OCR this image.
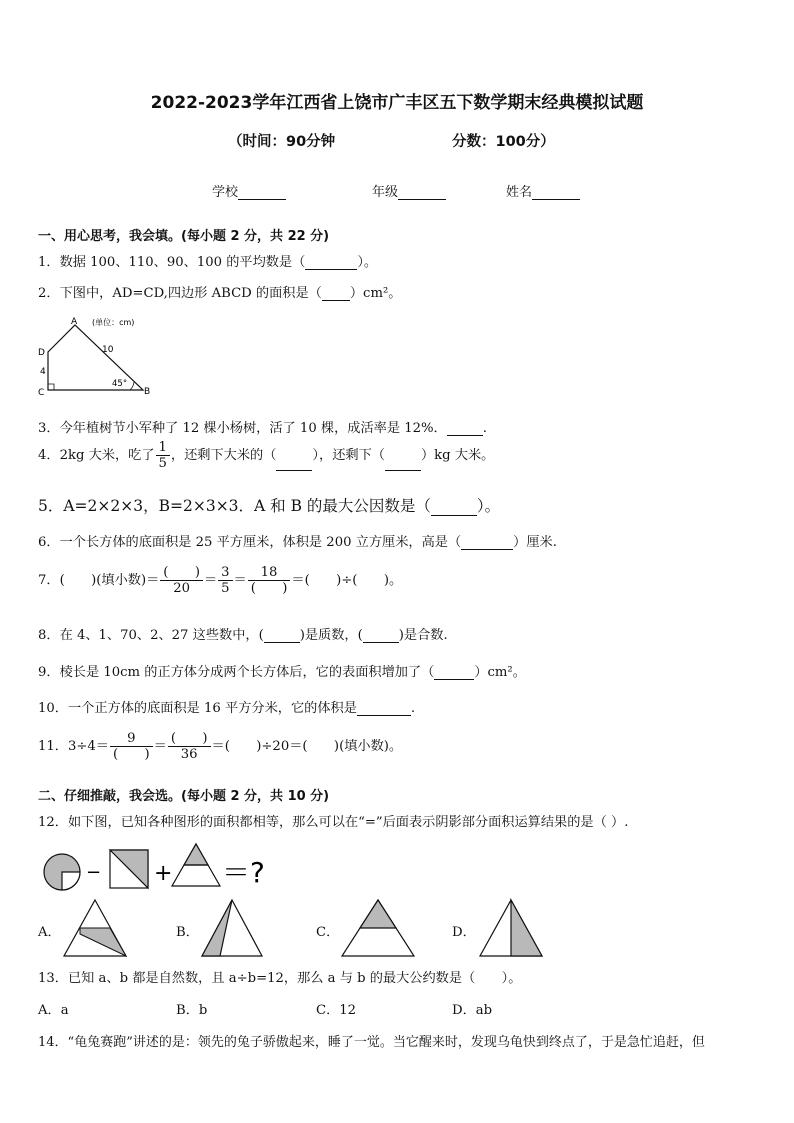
2022-2023学年江西省上饶市广丰区五下数学期末经典模拟试题
（时间：90分钟	分数：100分）
学校	年级	姓名
一、用心思考，我会填。(每小题 2 分，共 22 分)
1．数据 100、110、90、100 的平均数是（	）。
2．下图中，AD=CD,四边形 ABCD 的面积是（ ）cm²。
A (单位：cm)
D
4
C
10
45°
B
3．今年植树节小军种了 12 棵小杨树，活了 10 棵，成活率是 12%．	.
4．2kg 大米，吃了 $\frac{1}{5}$ ，还剩下大米的（	），还剩下（	）kg 大米。
5．A=2×2×3，B=2×3×3．A 和 B 的最大公因数是（	）。
6．一个长方体的底面积是 25 平方厘米，体积是 200 立方厘米，高是（	）厘米.
7．(　　)(填小数)＝ $\frac{( )}{20} = \frac{3}{5} = \frac{18}{( )}$ ＝(　　)÷(　　)。
8．在 4、1、70、2、27 这些数中，(	)是质数，(	)是合数.
9．棱长是 10cm 的正方体分成两个长方体后，它的表面积增加了（	）cm²。
10．一个正方体的底面积是 16 平方分米，它的体积是	.
11．$3\div 4= \frac{9}{( )} = \frac{( )}{36}$ ＝(　　)÷20＝(　　)(填小数)。
二、仔细推敲，我会选。(每小题 2 分，共 10 分)
12．如下图，已知各种图形的面积都相等，那么可以在“=”后面表示阴影部分面积运算结果的是（ ）.
− + ＝?
A．	B．	C．	D．
13．已知 a、b 都是自然数，且 a÷b=12，那么 a 与 b 的最大公约数是（　　）。
A．a	B．b	C．12	D．ab
14．“龟兔赛跑”讲述的是：领先的兔子骄傲起来，睡了一觉。当它醒来时，发现乌龟快到终点了，于是急忙追赶，但
